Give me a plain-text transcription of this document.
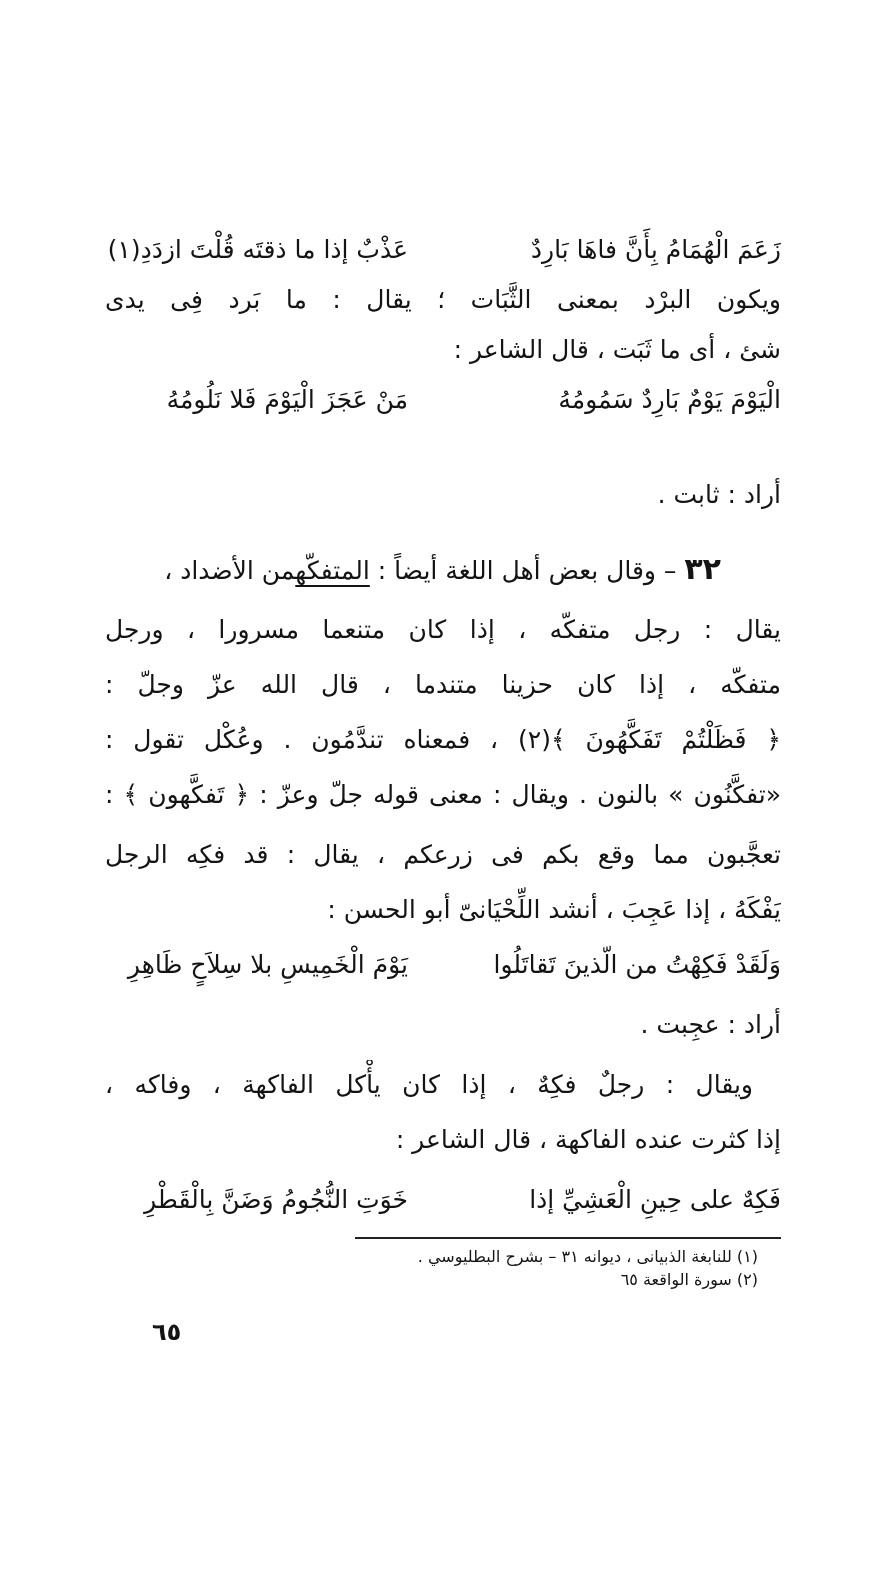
زَعَمَ الْهُمَامُ بِأَنَّ فاهَا بَارِدٌ
عَذْبٌ إذا ما ذقتَه قُلْتَ ازدَدِ(١)
ويكون البرْد بمعنى الثَّبَات ؛ يقال : ما بَرد فِى يدى
شئ ، أى ما ثَبَت ، قال الشاعر :
الْيَوْمَ يَوْمٌ بَارِدٌ سَمُومُهُ
مَنْ عَجَزَ الْيَوْمَ فَلا نَلُومُهُ
أراد : ثابت .
٣٢ – وقال بعض أهل اللغة أيضاً : المتفكّهمن الأضداد ،
يقال : رجل متفكّه ، إذا كان متنعما مسرورا ، ورجل
متفكّه ، إذا كان حزينا متندما ، قال الله عزّ وجلّ :
﴿ فَظَلْتُمْ تَفَكَّهُونَ ﴾(٢) ، فمعناه تندَّمُون . وعُكْل تقول :
«تفكَّنُون » بالنون . ويقال : معنى قوله جلّ وعزّ : ﴿ تَفكَّهون ﴾ :
تعجَّبون مما وقع بكم فى زرعكم ، يقال : قد فكِه الرجل
يَفْكَهُ ، إذا عَجِبَ ، أنشد اللِّحْيَانىّ أبو الحسن :
وَلَقَدْ فَكِهْتُ من الّذينَ تَقاتَلُوا
يَوْمَ الْخَمِيسِ بلا سِلاَحٍ ظَاهِرِ
أراد : عجِبت .
ويقال : رجلٌ فكِهٌ ، إذا كان يأْكل الفاكهة ، وفاكه ،
إذا كثرت عنده الفاكهة ، قال الشاعر :
فَكِهٌ على حِينِ الْعَشِيِّ إذا
خَوَتِ النُّجُومُ وَضَنَّ بِالْقَطْرِ
(١) للنابغة الذبيانى ، ديوانه ٣١ – بشرح البطليوسي .
(٢) سورة الواقعة ٦٥
٦٥
